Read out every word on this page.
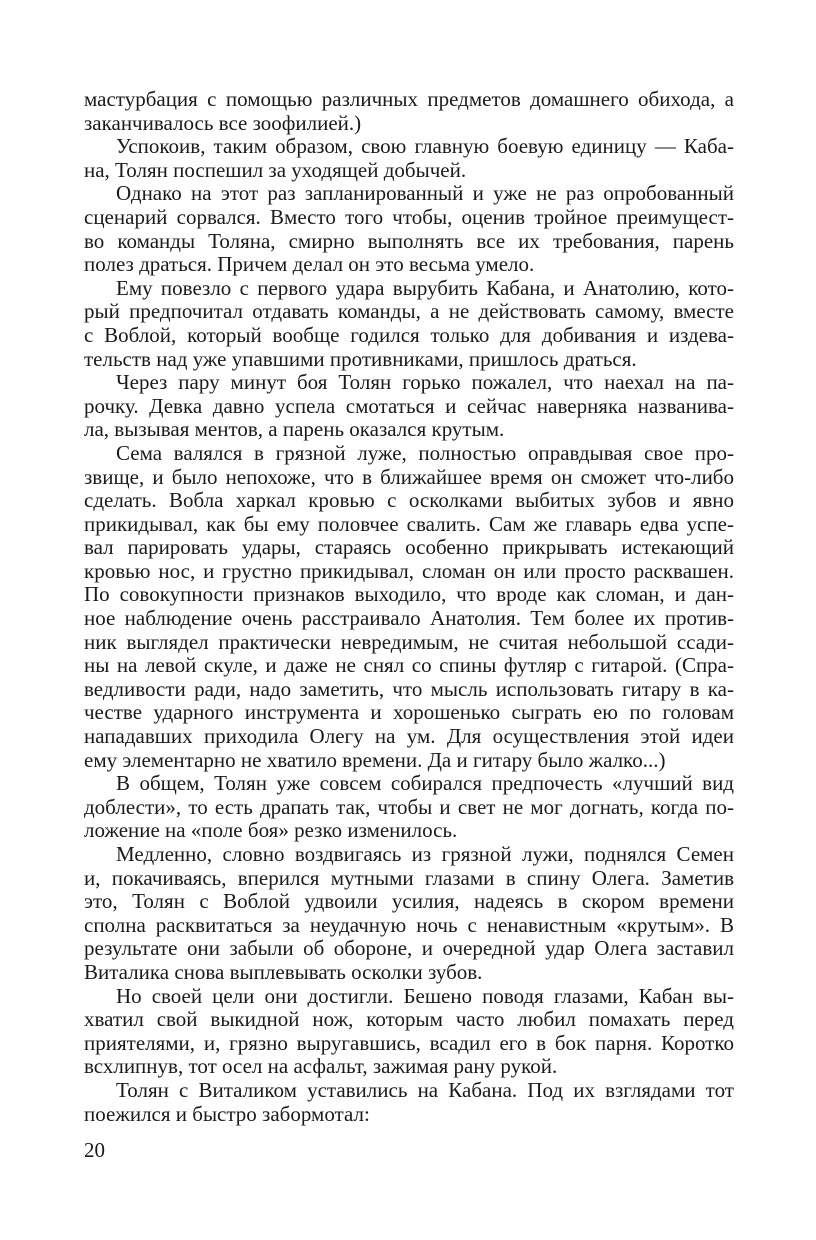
мастурбация с помощью различных предметов домашнего обихода, а
заканчивалось все зоофилией.)
Успокоив, таким образом, свою главную боевую единицу — Каба-
на, Толян поспешил за уходящей добычей.
Однако на этот раз запланированный и уже не раз опробованный
сценарий сорвался. Вместо того чтобы, оценив тройное преимущест-
во команды Толяна, смирно выполнять все их требования, парень
полез драться. Причем делал он это весьма умело.
Ему повезло с первого удара вырубить Кабана, и Анатолию, кото-
рый предпочитал отдавать команды, а не действовать самому, вместе
с Воблой, который вообще годился только для добивания и издева-
тельств над уже упавшими противниками, пришлось драться.
Через пару минут боя Толян горько пожалел, что наехал на па-
рочку. Девка давно успела смотаться и сейчас наверняка названива-
ла, вызывая ментов, а парень оказался крутым.
Сема валялся в грязной луже, полностью оправдывая свое про-
звище, и было непохоже, что в ближайшее время он сможет что-либо
сделать. Вобла харкал кровью с осколками выбитых зубов и явно
прикидывал, как бы ему половчее свалить. Сам же главарь едва успе-
вал парировать удары, стараясь особенно прикрывать истекающий
кровью нос, и грустно прикидывал, сломан он или просто расквашен.
По совокупности признаков выходило, что вроде как сломан, и дан-
ное наблюдение очень расстраивало Анатолия. Тем более их против-
ник выглядел практически невредимым, не считая небольшой ссади-
ны на левой скуле, и даже не снял со спины футляр с гитарой. (Спра-
ведливости ради, надо заметить, что мысль использовать гитару в ка-
честве ударного инструмента и хорошенько сыграть ею по головам
нападавших приходила Олегу на ум. Для осуществления этой идеи
ему элементарно не хватило времени. Да и гитару было жалко...)
В общем, Толян уже совсем собирался предпочесть «лучший вид
доблести», то есть драпать так, чтобы и свет не мог догнать, когда по-
ложение на «поле боя» резко изменилось.
Медленно, словно воздвигаясь из грязной лужи, поднялся Семен
и, покачиваясь, вперился мутными глазами в спину Олега. Заметив
это, Толян с Воблой удвоили усилия, надеясь в скором времени
сполна расквитаться за неудачную ночь с ненавистным «крутым». В
результате они забыли об обороне, и очередной удар Олега заставил
Виталика снова выплевывать осколки зубов.
Но своей цели они достигли. Бешено поводя глазами, Кабан вы-
хватил свой выкидной нож, которым часто любил помахать перед
приятелями, и, грязно выругавшись, всадил его в бок парня. Коротко
всхлипнув, тот осел на асфальт, зажимая рану рукой.
Толян с Виталиком уставились на Кабана. Под их взглядами тот
поежился и быстро забормотал:
20
